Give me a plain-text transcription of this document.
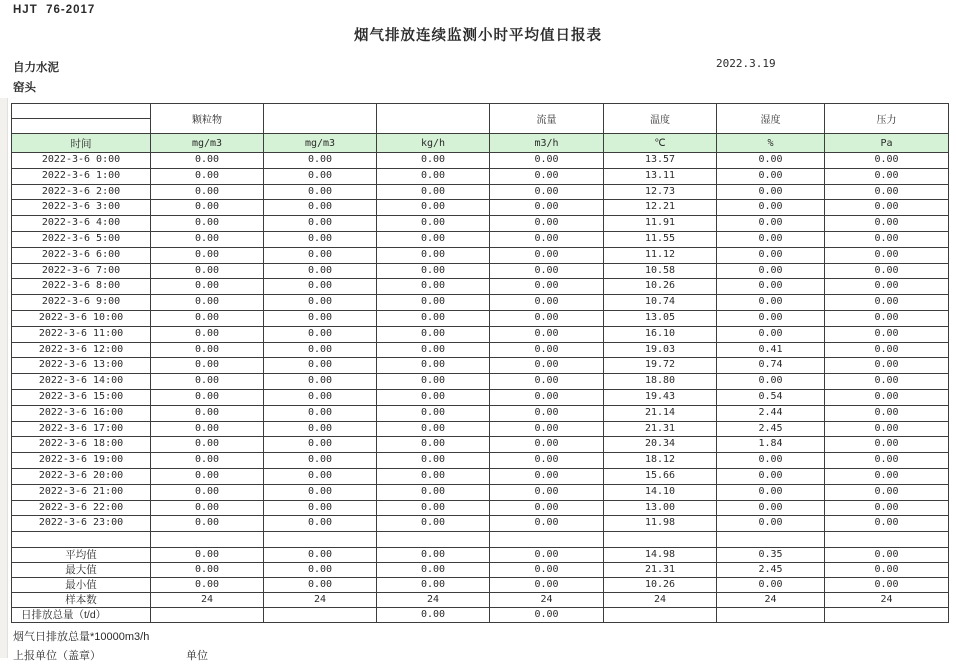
HJT  76-2017
烟气排放连续监测小时平均值日报表
自力水泥
窑头
2022.3.19
	颗粒物			流量	温度	湿度	压力

时间	mg/m3	mg/m3	kg/h	m3/h	℃	%	Pa
2022-3-6 0:00	0.00	0.00	0.00	0.00	13.57	0.00	0.00
2022-3-6 1:00	0.00	0.00	0.00	0.00	13.11	0.00	0.00
2022-3-6 2:00	0.00	0.00	0.00	0.00	12.73	0.00	0.00
2022-3-6 3:00	0.00	0.00	0.00	0.00	12.21	0.00	0.00
2022-3-6 4:00	0.00	0.00	0.00	0.00	11.91	0.00	0.00
2022-3-6 5:00	0.00	0.00	0.00	0.00	11.55	0.00	0.00
2022-3-6 6:00	0.00	0.00	0.00	0.00	11.12	0.00	0.00
2022-3-6 7:00	0.00	0.00	0.00	0.00	10.58	0.00	0.00
2022-3-6 8:00	0.00	0.00	0.00	0.00	10.26	0.00	0.00
2022-3-6 9:00	0.00	0.00	0.00	0.00	10.74	0.00	0.00
2022-3-6 10:00	0.00	0.00	0.00	0.00	13.05	0.00	0.00
2022-3-6 11:00	0.00	0.00	0.00	0.00	16.10	0.00	0.00
2022-3-6 12:00	0.00	0.00	0.00	0.00	19.03	0.41	0.00
2022-3-6 13:00	0.00	0.00	0.00	0.00	19.72	0.74	0.00
2022-3-6 14:00	0.00	0.00	0.00	0.00	18.80	0.00	0.00
2022-3-6 15:00	0.00	0.00	0.00	0.00	19.43	0.54	0.00
2022-3-6 16:00	0.00	0.00	0.00	0.00	21.14	2.44	0.00
2022-3-6 17:00	0.00	0.00	0.00	0.00	21.31	2.45	0.00
2022-3-6 18:00	0.00	0.00	0.00	0.00	20.34	1.84	0.00
2022-3-6 19:00	0.00	0.00	0.00	0.00	18.12	0.00	0.00
2022-3-6 20:00	0.00	0.00	0.00	0.00	15.66	0.00	0.00
2022-3-6 21:00	0.00	0.00	0.00	0.00	14.10	0.00	0.00
2022-3-6 22:00	0.00	0.00	0.00	0.00	13.00	0.00	0.00
2022-3-6 23:00	0.00	0.00	0.00	0.00	11.98	0.00	0.00

平均值	0.00	0.00	0.00	0.00	14.98	0.35	0.00
最大值	0.00	0.00	0.00	0.00	21.31	2.45	0.00
最小值	0.00	0.00	0.00	0.00	10.26	0.00	0.00
样本数	24	24	24	24	24	24	24
日排放总量（t/d）			0.00	0.00			
烟气日排放总量*10000m3/h
上报单位（盖章）	单位
